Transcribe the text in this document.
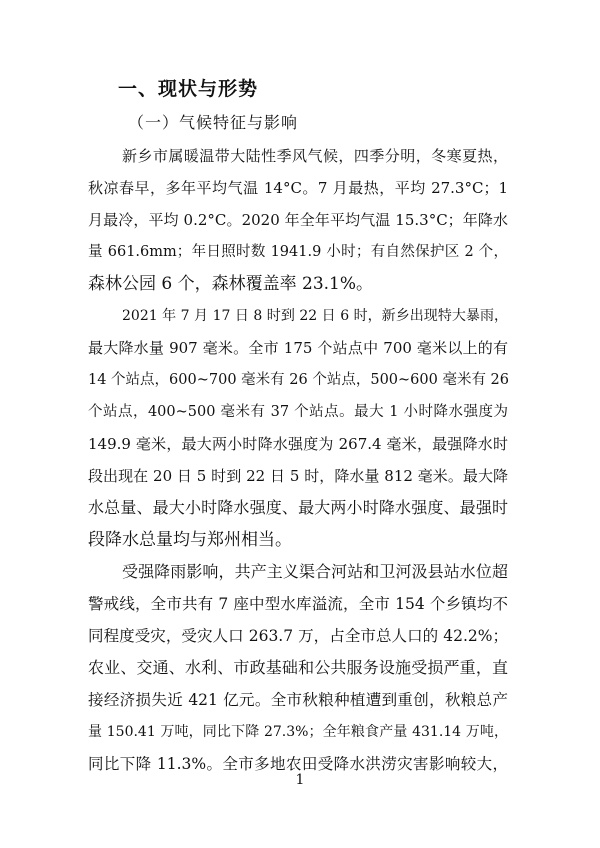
一、现状与形势
（一）气候特征与影响
新乡市属暖温带大陆性季风气候，四季分明，冬寒夏热，
秋凉春早，多年平均气温 14°C。7 月最热，平均 27.3°C；1
月最冷，平均 0.2°C。2020 年全年平均气温 15.3°C；年降水
量 661.6mm；年日照时数 1941.9 小时；有自然保护区 2 个，
森林公园 6 个，森林覆盖率 23.1%。
2021 年 7 月 17 日 8 时到 22 日 6 时，新乡出现特大暴雨，
最大降水量 907 毫米。全市 175 个站点中 700 毫米以上的有
14 个站点，600~700 毫米有 26 个站点，500~600 毫米有 26
个站点，400~500 毫米有 37 个站点。最大 1 小时降水强度为
149.9 毫米，最大两小时降水强度为 267.4 毫米，最强降水时
段出现在 20 日 5 时到 22 日 5 时，降水量 812 毫米。最大降
水总量、最大小时降水强度、最大两小时降水强度、最强时
段降水总量均与郑州相当。
受强降雨影响，共产主义渠合河站和卫河汲县站水位超
警戒线，全市共有 7 座中型水库溢流，全市 154 个乡镇均不
同程度受灾，受灾人口 263.7 万，占全市总人口的 42.2%；
农业、交通、水利、市政基础和公共服务设施受损严重，直
接经济损失近 421 亿元。全市秋粮种植遭到重创，秋粮总产
量 150.41 万吨，同比下降 27.3%；全年粮食产量 431.14 万吨，
同比下降 11.3%。全市多地农田受降水洪涝灾害影响较大，
1
